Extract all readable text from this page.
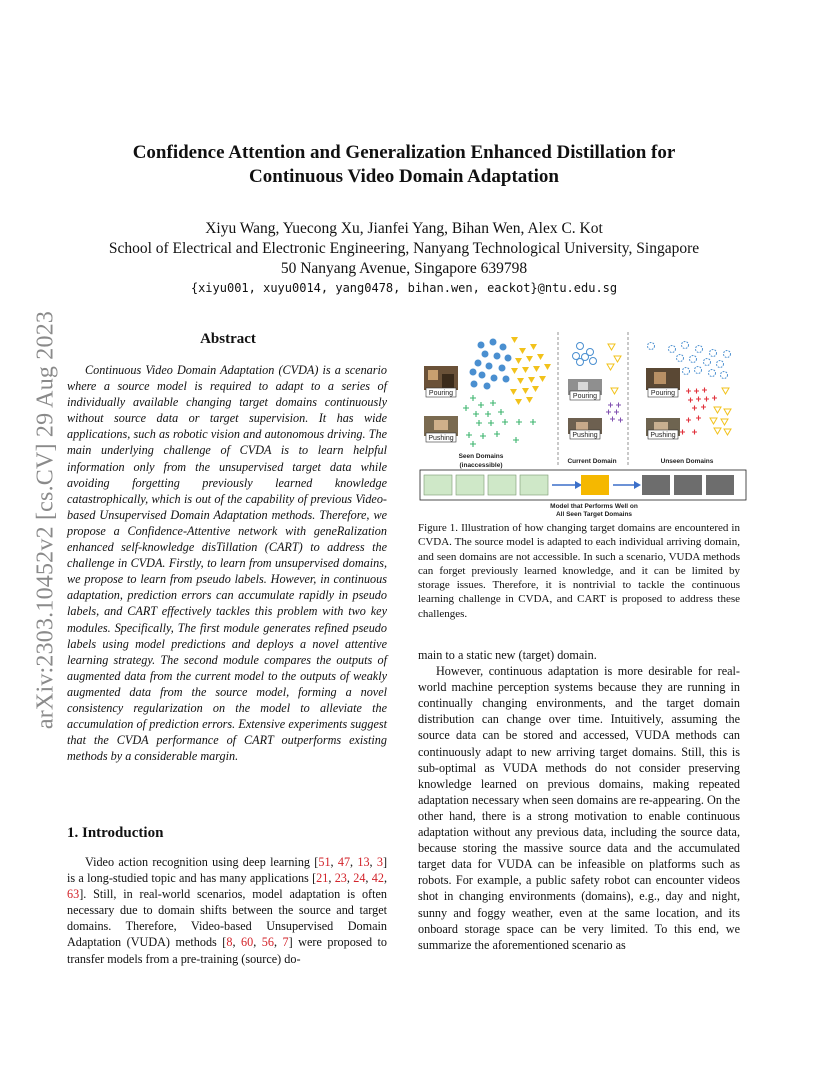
arXiv:2303.10452v2 [cs.CV] 29 Aug 2023
Confidence Attention and Generalization Enhanced Distillation for Continuous Video Domain Adaptation
Xiyu Wang, Yuecong Xu, Jianfei Yang, Bihan Wen, Alex C. Kot
School of Electrical and Electronic Engineering, Nanyang Technological University, Singapore
50 Nanyang Avenue, Singapore 639798
{xiyu001, xuyu0014, yang0478, bihan.wen, eackot}@ntu.edu.sg
Abstract

Continuous Video Domain Adaptation (CVDA) is a scenario where a source model is required to adapt to a series of individually available changing target domains continuously without source data or target supervision. It has wide applications, such as robotic vision and autonomous driving. The main underlying challenge of CVDA is to learn helpful information only from the unsupervised target data while avoiding forgetting previously learned knowledge catastrophically, which is out of the capability of previous Video-based Unsupervised Domain Adaptation methods. Therefore, we propose a Confidence-Attentive network with geneRalization enhanced self-knowledge disTillation (CART) to address the challenge in CVDA. Firstly, to learn from unsupervised domains, we propose to learn from pseudo labels. However, in continuous adaptation, prediction errors can accumulate rapidly in pseudo labels, and CART effectively tackles this problem with two key modules. Specifically, The first module generates refined pseudo labels using model predictions and deploys a novel attentive learning strategy. The second module compares the outputs of augmented data from the current model to the outputs of weakly augmented data from the source model, forming a novel consistency regularization on the model to alleviate the accumulation of prediction errors. Extensive experiments suggest that the CVDA performance of CART outperforms existing methods by a considerable margin.

1. Introduction

Video action recognition using deep learning [51, 47, 13, 3] is a long-studied topic and has many applications [21, 23, 24, 42, 63]. Still, in real-world scenarios, model adaptation is often necessary due to domain shifts between the source and target domains. Therefore, Video-based Unsupervised Domain Adaptation (VUDA) methods [8, 60, 56, 7] were proposed to transfer models from a pre-training (source) do-

Pouring
Pushing
Seen Domains
(inaccessible)
Pouring
Pushing
Current Domain
Pouring
Pushing
Unseen Domains
Model that Performs Well on
All Seen Target Domains

Figure 1. Illustration of how changing target domains are encountered in CVDA. The source model is adapted to each individual arriving domain, and seen domains are not accessible. In such a scenario, VUDA methods can forget previously learned knowledge, and it can be limited by storage issues. Therefore, it is nontrivial to tackle the continuous learning challenge in CVDA, and CART is proposed to address these challenges.

main to a static new (target) domain.

However, continuous adaptation is more desirable for real-world machine perception systems because they are running in continually changing environments, and the target domain distribution can change over time. Intuitively, assuming the source data can be stored and accessed, VUDA methods can continuously adapt to new arriving target domains. Still, this is sub-optimal as VUDA methods do not consider preserving knowledge learned on previous domains, making repeated adaptation necessary when seen domains are re-appearing. On the other hand, there is a strong motivation to enable continuous adaptation without any previous data, including the source data, because storing the massive source data and the accumulated target data for VUDA can be infeasible on platforms such as robots. For example, a public safety robot can encounter videos shot in changing environments (domains), e.g., day and night, sunny and foggy weather, even at the same location, and its onboard storage space can be very limited. To this end, we summarize the aforementioned scenario as
